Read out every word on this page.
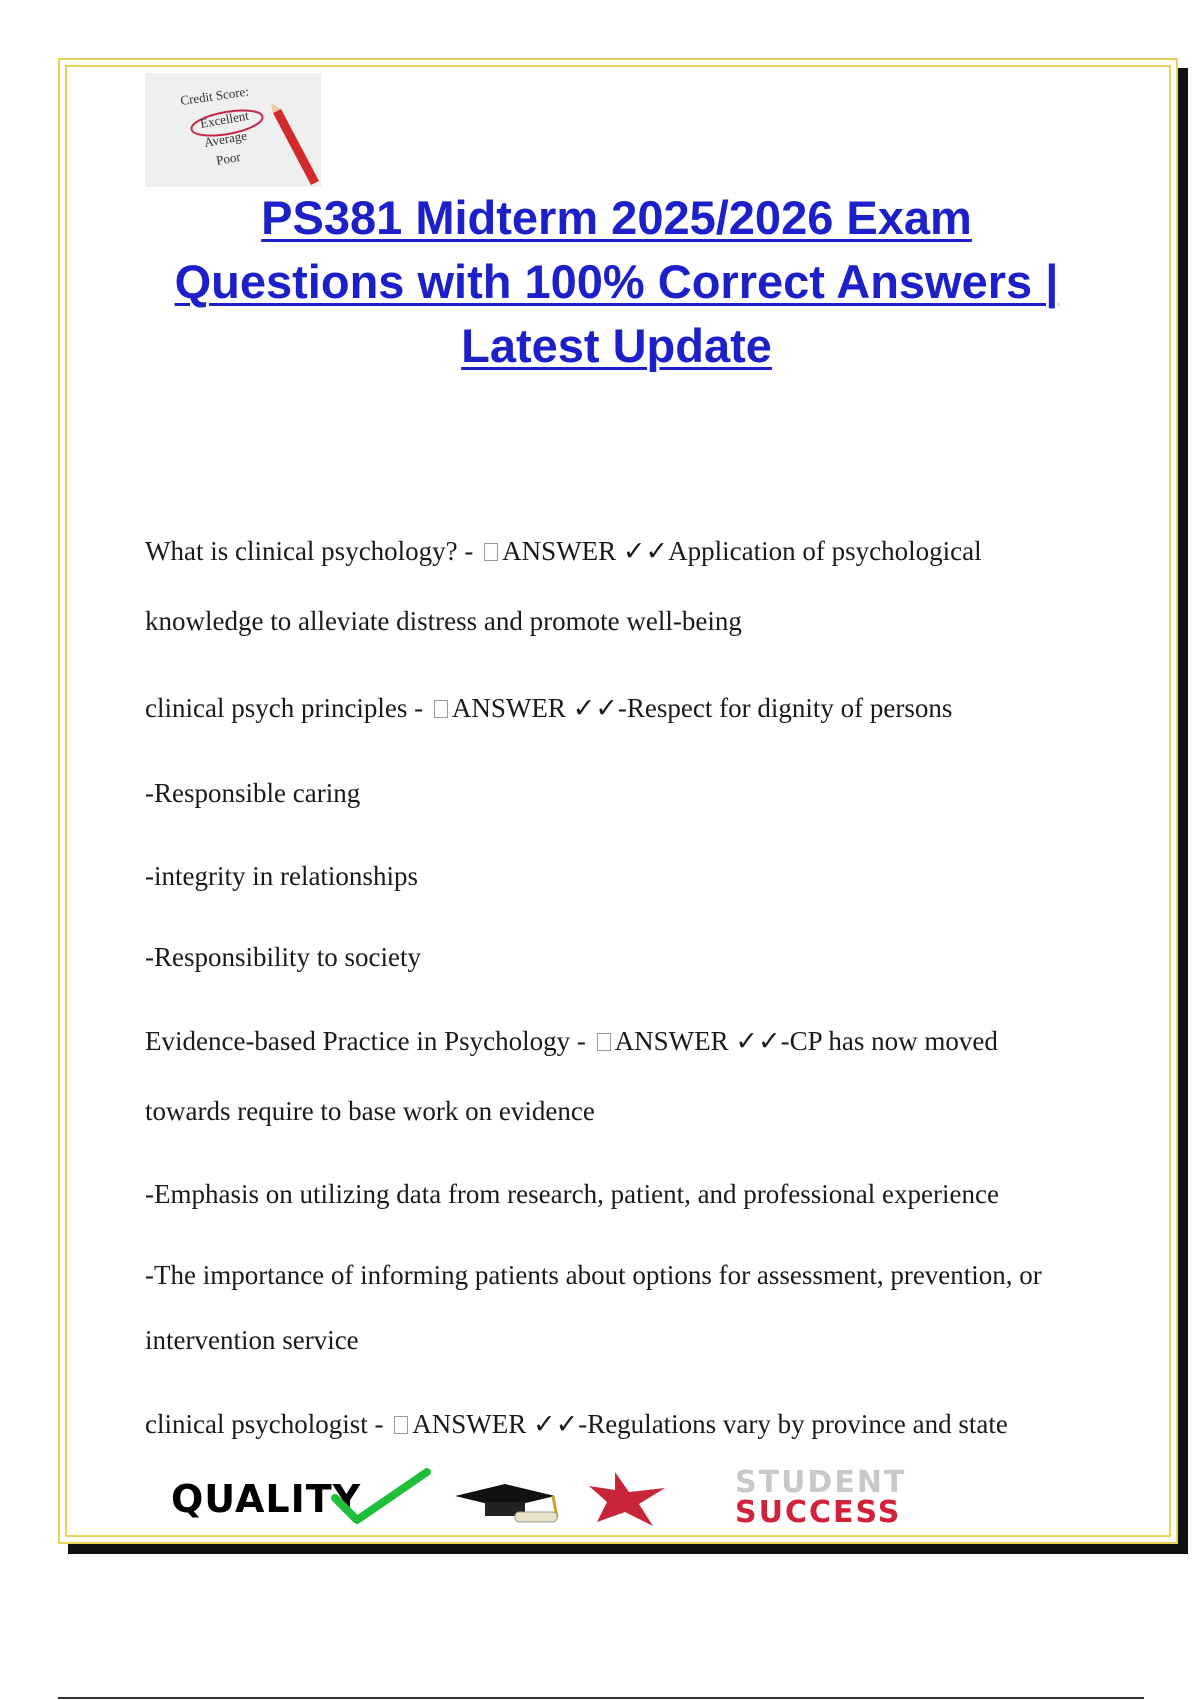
Credit Score:
Excellent
Average
Poor
PS381 Midterm 2025/2026 Exam
Questions with 100% Correct Answers |
Latest Update
What is clinical psychology? - ANSWER ✓✓Application of psychological
knowledge to alleviate distress and promote well-being
clinical psych principles - ANSWER ✓✓-Respect for dignity of persons
-Responsible caring
-integrity in relationships
-Responsibility to society
Evidence-based Practice in Psychology - ANSWER ✓✓-CP has now moved
towards require to base work on evidence
-Emphasis on utilizing data from research, patient, and professional experience
-The importance of informing patients about options for assessment, prevention, or
intervention service
clinical psychologist - ANSWER ✓✓-Regulations vary by province and state
QUALITY	STUDENT
SUCCESS
